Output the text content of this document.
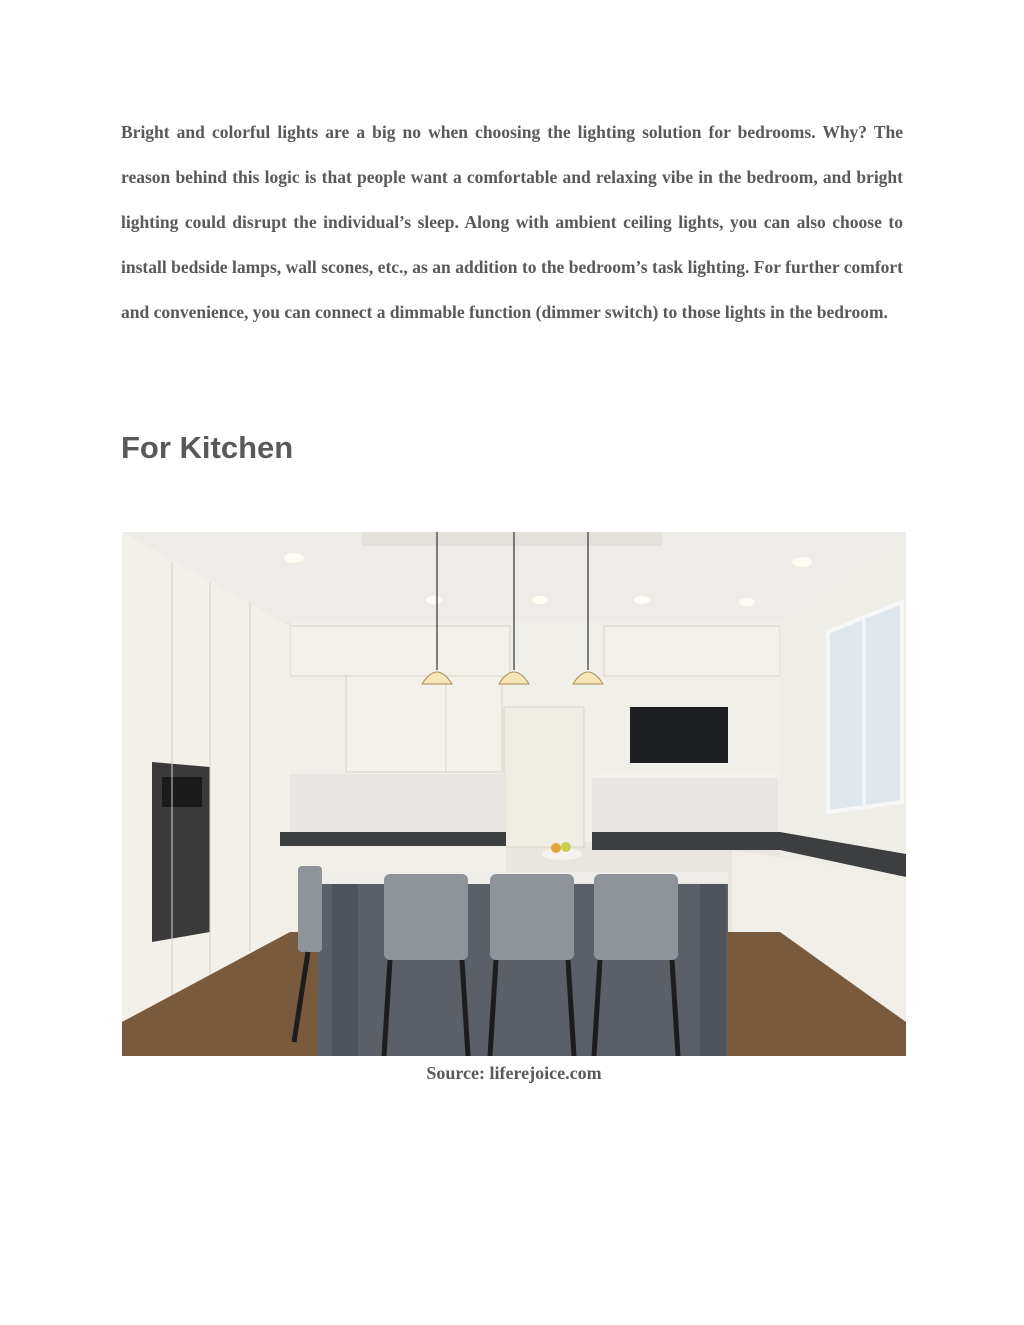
Bright and colorful lights are a big no when choosing the lighting solution for bedrooms. Why? The reason behind this logic is that people want a comfortable and relaxing vibe in the bedroom, and bright lighting could disrupt the individual’s sleep. Along with ambient ceiling lights, you can also choose to install bedside lamps, wall scones, etc., as an addition to the bedroom’s task lighting. For further comfort and convenience, you can connect a dimmable function (dimmer switch) to those lights in the bedroom.

For Kitchen

Source: liferejoice.com
